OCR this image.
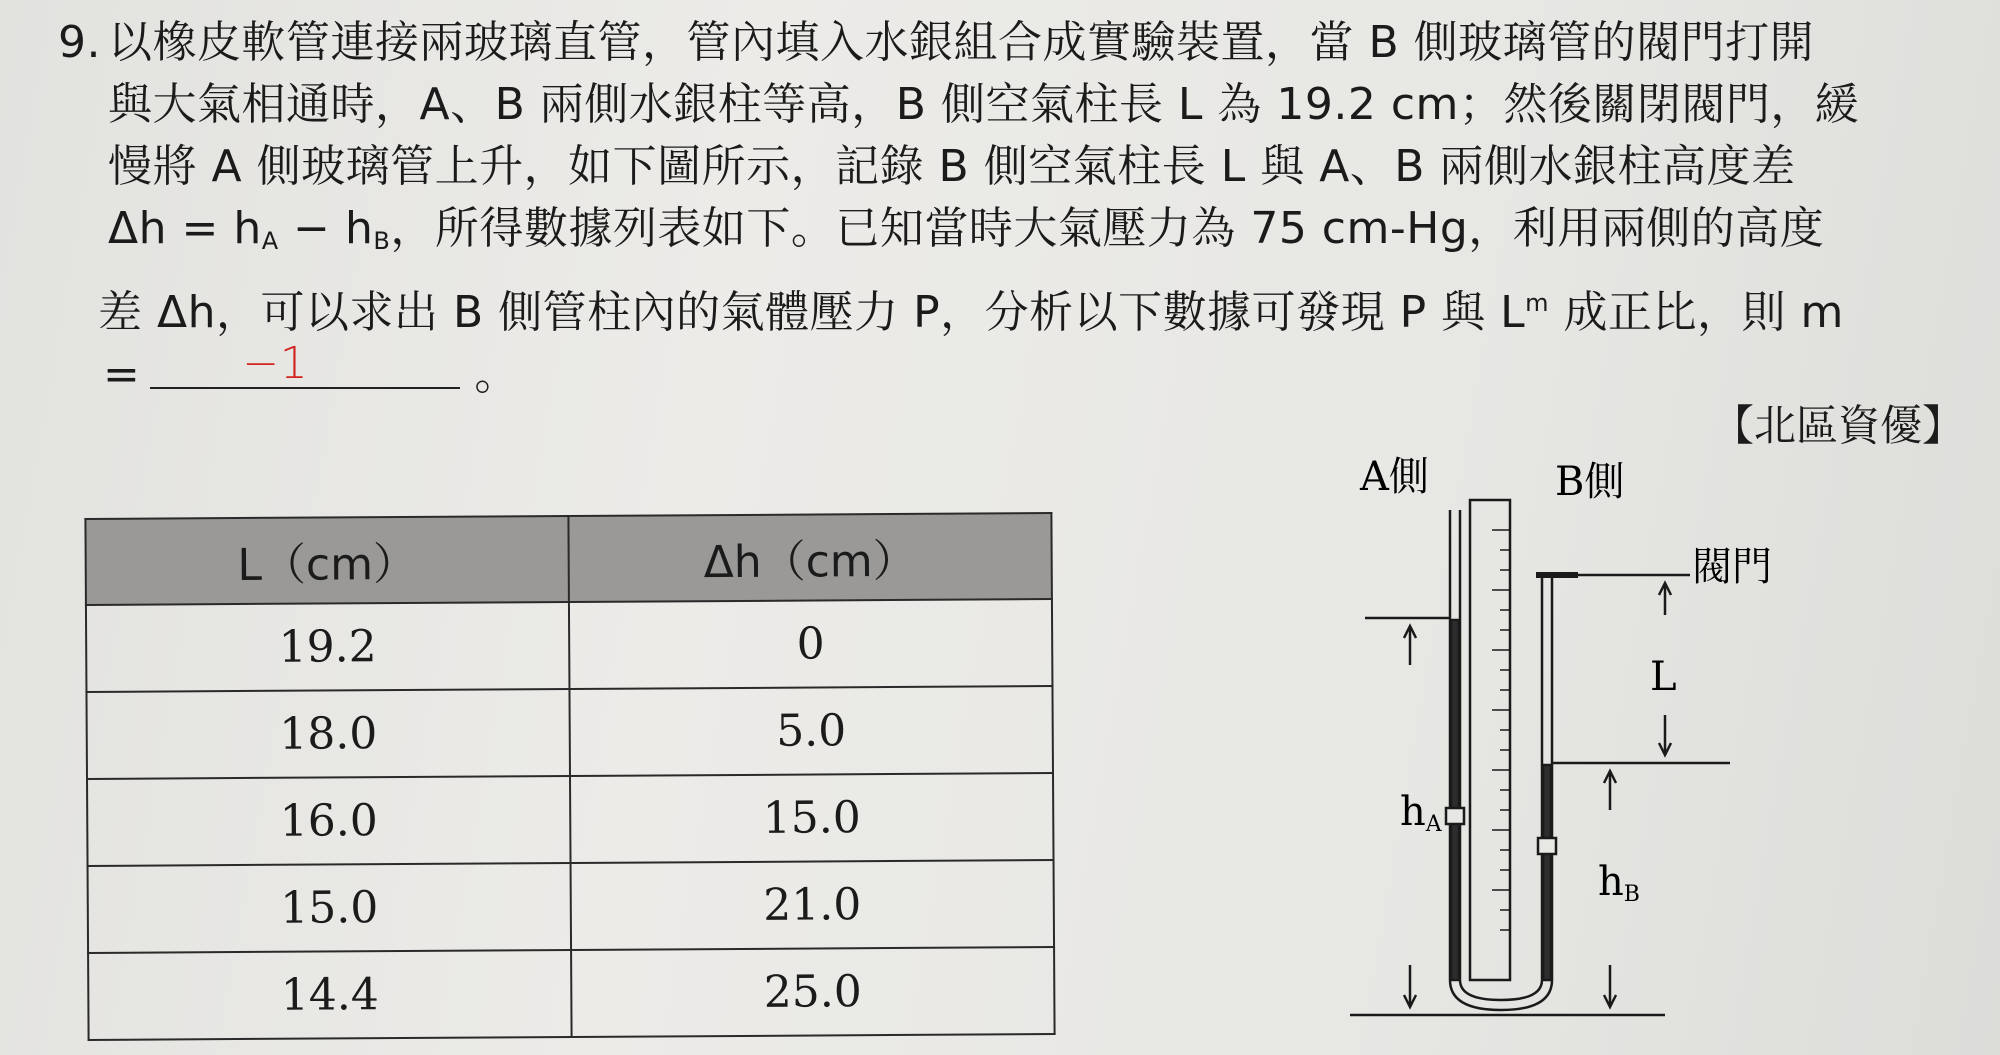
9. 以橡皮軟管連接兩玻璃直管，管內填入水銀組合成實驗裝置，當 B 側玻璃管的閥門打開
與大氣相通時，A、B 兩側水銀柱等高，B 側空氣柱長 L 為 19.2 cm；然後關閉閥門，緩
慢將 A 側玻璃管上升，如下圖所示，記錄 B 側空氣柱長 L 與 A、B 兩側水銀柱高度差
$\Delta h = h_A - h_B$，所得數據列表如下。已知當時大氣壓力為 75 cm-Hg，利用兩側的高度
差 Δh，可以求出 B 側管柱內的氣體壓力 P，分析以下數據可發現 P 與 $L^m$ 成正比，則 m
= −1	。
【北區資優】
L（cm）	Δh（cm）
19.2	0
18.0	5.0
16.0	15.0
15.0	21.0
14.4	25.0
A側	B側
閥門
L
hA
hB
